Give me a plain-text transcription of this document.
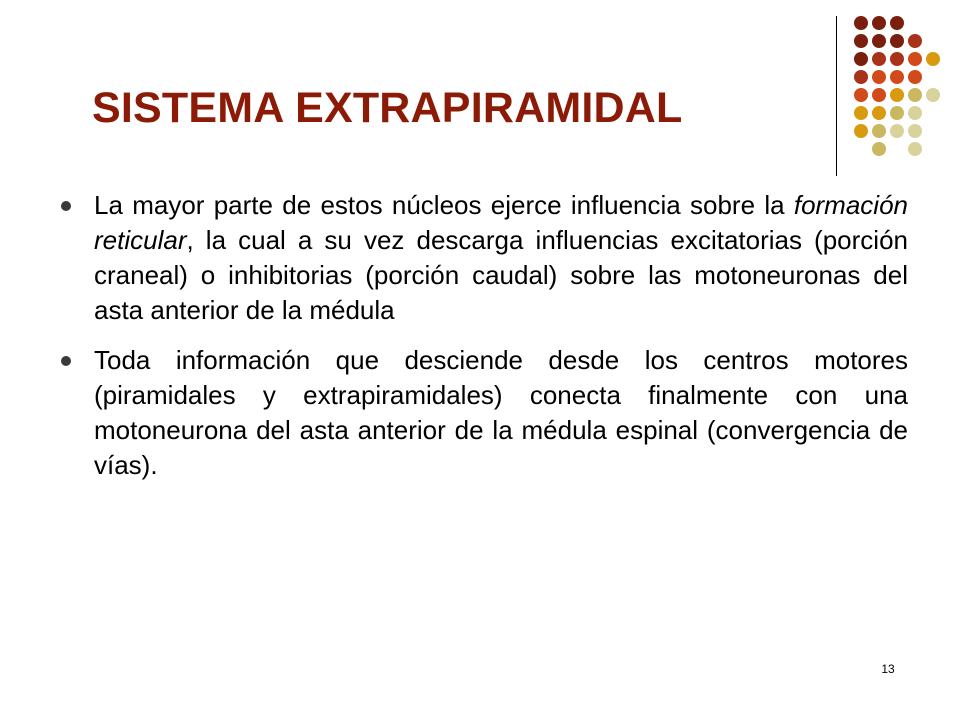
SISTEMA EXTRAPIRAMIDAL
La mayor parte de estos núcleos ejerce influencia sobre la formación reticular, la cual a su vez descarga influencias excitatorias (porción craneal) o inhibitorias (porción caudal) sobre las motoneuronas del asta anterior de la médula
Toda información que desciende desde los centros motores (piramidales y extrapiramidales) conecta finalmente con una motoneurona del asta anterior de la médula espinal (convergencia de vías).
13
